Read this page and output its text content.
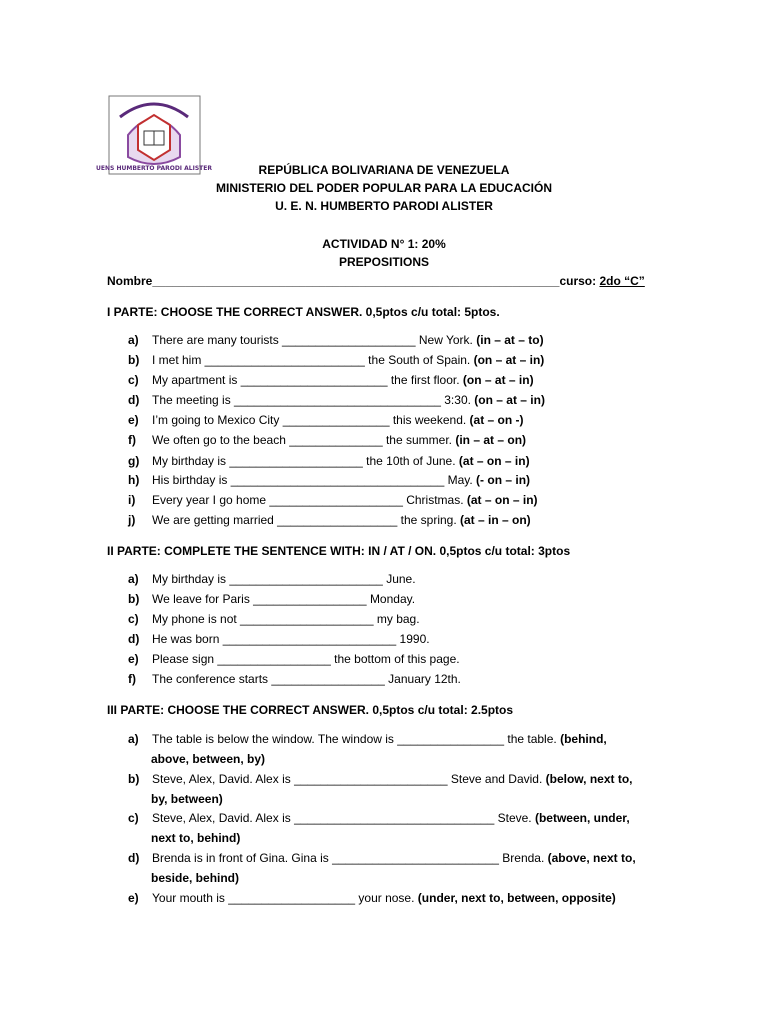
UENS HUMBERTO PARODI ALISTER	REPÚBLICA BOLIVARIANA DE VENEZUELA
MINISTERIO DEL PODER POPULAR PARA LA EDUCACIÓN
U. E. N. HUMBERTO PARODI ALISTER
ACTIVIDAD N° 1: 20%
PREPOSITIONS
Nombre_____________________________________________________________curso: 2do “C”
I PARTE: CHOOSE THE CORRECT ANSWER. 0,5ptos c/u total: 5ptos.
a) There are many tourists ____________________ New York. (in – at – to)
b) I met him ________________________ the South of Spain. (on – at – in)
c) My apartment is ______________________ the first floor. (on – at – in)
d) The meeting is _______________________________ 3:30. (on – at – in)
e) I’m going to Mexico City ________________ this weekend. (at – on -)
f) We often go to the beach ______________ the summer. (in – at – on)
g) My birthday is ____________________ the 10th of June. (at – on – in)
h) His birthday is ________________________________ May. (- on – in)
i) Every year I go home ____________________ Christmas. (at – on – in)
j) We are getting married __________________ the spring. (at – in – on)
II PARTE: COMPLETE THE SENTENCE WITH: IN / AT / ON. 0,5ptos c/u total: 3ptos
a) My birthday is _______________________ June.
b) We leave for Paris _________________ Monday.
c) My phone is not ____________________ my bag.
d) He was born __________________________ 1990.
e) Please sign _________________ the bottom of this page.
f) The conference starts _________________ January 12th.
III PARTE: CHOOSE THE CORRECT ANSWER. 0,5ptos c/u total: 2.5ptos
a) The table is below the window. The window is ________________ the table. (behind,
above, between, by)
b) Steve, Alex, David. Alex is _______________________ Steve and David. (below, next to,
by, between)
c) Steve, Alex, David. Alex is ______________________________ Steve. (between, under,
next to, behind)
d) Brenda is in front of Gina. Gina is _________________________ Brenda. (above, next to,
beside, behind)
e) Your mouth is ___________________ your nose. (under, next to, between, opposite)
